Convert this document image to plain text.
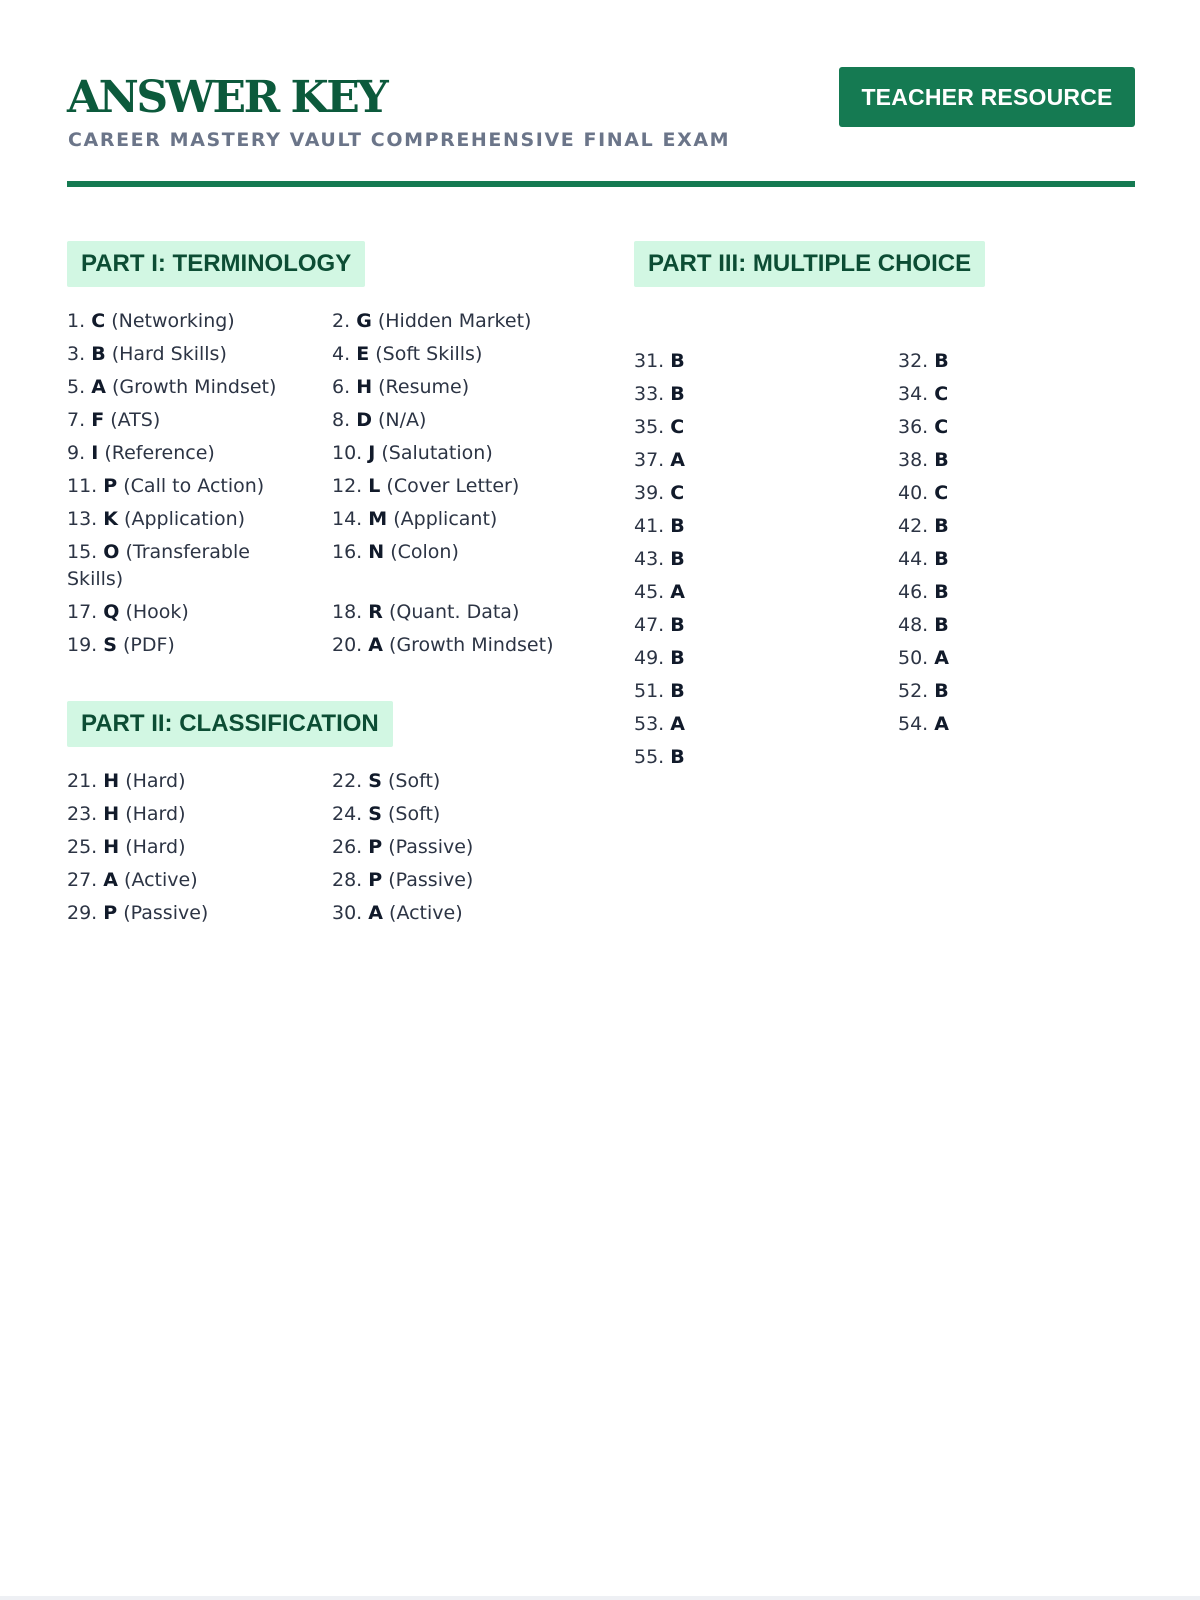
ANSWER KEY
CAREER MASTERY VAULT COMPREHENSIVE FINAL EXAM
TEACHER RESOURCE
PART I: TERMINOLOGY
1. C (Networking)	2. G (Hidden Market)
3. B (Hard Skills)	4. E (Soft Skills)
5. A (Growth Mindset)	6. H (Resume)
7. F (ATS)	8. D (N/A)
9. I (Reference)	10. J (Salutation)
11. P (Call to Action)	12. L (Cover Letter)
13. K (Application)	14. M (Applicant)
15. O (Transferable Skills)
16. N (Colon)
17. Q (Hook)	18. R (Quant. Data)
19. S (PDF)	20. A (Growth Mindset)
PART II: CLASSIFICATION
21. H (Hard)	22. S (Soft)
23. H (Hard)	24. S (Soft)
25. H (Hard)	26. P (Passive)
27. A (Active)	28. P (Passive)
29. P (Passive)	30. A (Active)
PART III: MULTIPLE CHOICE
31. B	32. B
33. B	34. C
35. C	36. C
37. A	38. B
39. C	40. C
41. B	42. B
43. B	44. B
45. A	46. B
47. B	48. B
49. B	50. A
51. B	52. B
53. A	54. A
55. B
